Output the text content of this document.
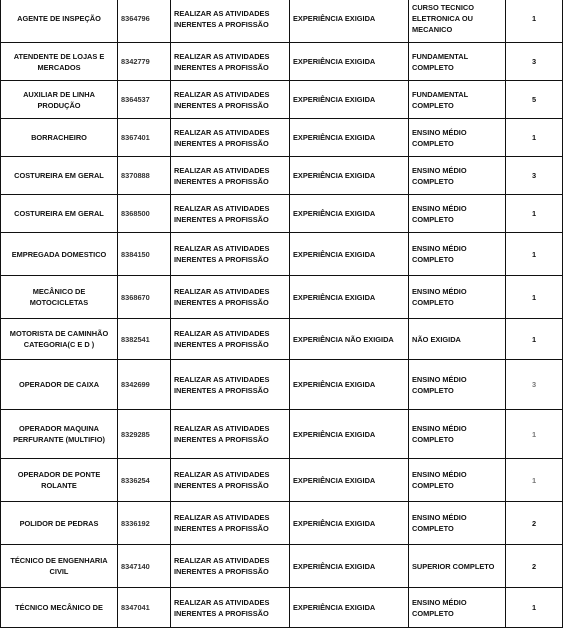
AGENTE DE INSPEÇÃO	8364796	REALIZAR AS ATIVIDADES INERENTES A PROFISSÃO	EXPERIÊNCIA EXIGIDA	CURSO TECNICO ELETRONICA OU MECANICO	1
ATENDENTE DE LOJAS E MERCADOS	8342779	REALIZAR AS ATIVIDADES INERENTES A PROFISSÃO	EXPERIÊNCIA EXIGIDA	FUNDAMENTAL COMPLETO	3
AUXILIAR DE LINHA PRODUÇÃO	8364537	REALIZAR AS ATIVIDADES INERENTES A PROFISSÃO	EXPERIÊNCIA EXIGIDA	FUNDAMENTAL COMPLETO	5
BORRACHEIRO	8367401	REALIZAR AS ATIVIDADES INERENTES A PROFISSÃO	EXPERIÊNCIA EXIGIDA	ENSINO MÉDIO COMPLETO	1
COSTUREIRA EM GERAL	8370888	REALIZAR AS ATIVIDADES INERENTES A PROFISSÃO	EXPERIÊNCIA EXIGIDA	ENSINO MÉDIO COMPLETO	3
COSTUREIRA EM GERAL	8368500	REALIZAR AS ATIVIDADES INERENTES A PROFISSÃO	EXPERIÊNCIA EXIGIDA	ENSINO MÉDIO COMPLETO	1
EMPREGADA DOMESTICO	8384150	REALIZAR AS ATIVIDADES INERENTES A PROFISSÃO	EXPERIÊNCIA EXIGIDA	ENSINO MÉDIO COMPLETO	1
MECÂNICO DE MOTOCICLETAS	8368670	REALIZAR AS ATIVIDADES INERENTES A PROFISSÃO	EXPERIÊNCIA EXIGIDA	ENSINO MÉDIO COMPLETO	1
MOTORISTA DE CAMINHÃO CATEGORIA(C E D )	8382541	REALIZAR AS ATIVIDADES INERENTES A PROFISSÃO	EXPERIÊNCIA NÃO EXIGIDA	NÃO EXIGIDA	1
OPERADOR DE CAIXA	8342699	REALIZAR AS ATIVIDADES INERENTES A PROFISSÃO	EXPERIÊNCIA EXIGIDA	ENSINO MÉDIO COMPLETO	3
OPERADOR MAQUINA PERFURANTE (MULTIFIO)	8329285	REALIZAR AS ATIVIDADES INERENTES A PROFISSÃO	EXPERIÊNCIA EXIGIDA	ENSINO MÉDIO COMPLETO	1
OPERADOR DE PONTE ROLANTE	8336254	REALIZAR AS ATIVIDADES INERENTES A PROFISSÃO	EXPERIÊNCIA EXIGIDA	ENSINO MÉDIO COMPLETO	1
POLIDOR DE PEDRAS	8336192	REALIZAR AS ATIVIDADES INERENTES A PROFISSÃO	EXPERIÊNCIA EXIGIDA	ENSINO MÉDIO COMPLETO	2
TÉCNICO DE ENGENHARIA CIVIL	8347140	REALIZAR AS ATIVIDADES INERENTES A PROFISSÃO	EXPERIÊNCIA EXIGIDA	SUPERIOR COMPLETO	2
TÉCNICO MECÂNICO DE	8347041	REALIZAR AS ATIVIDADES INERENTES A PROFISSÃO	EXPERIÊNCIA EXIGIDA	ENSINO MÉDIO COMPLETO	1
